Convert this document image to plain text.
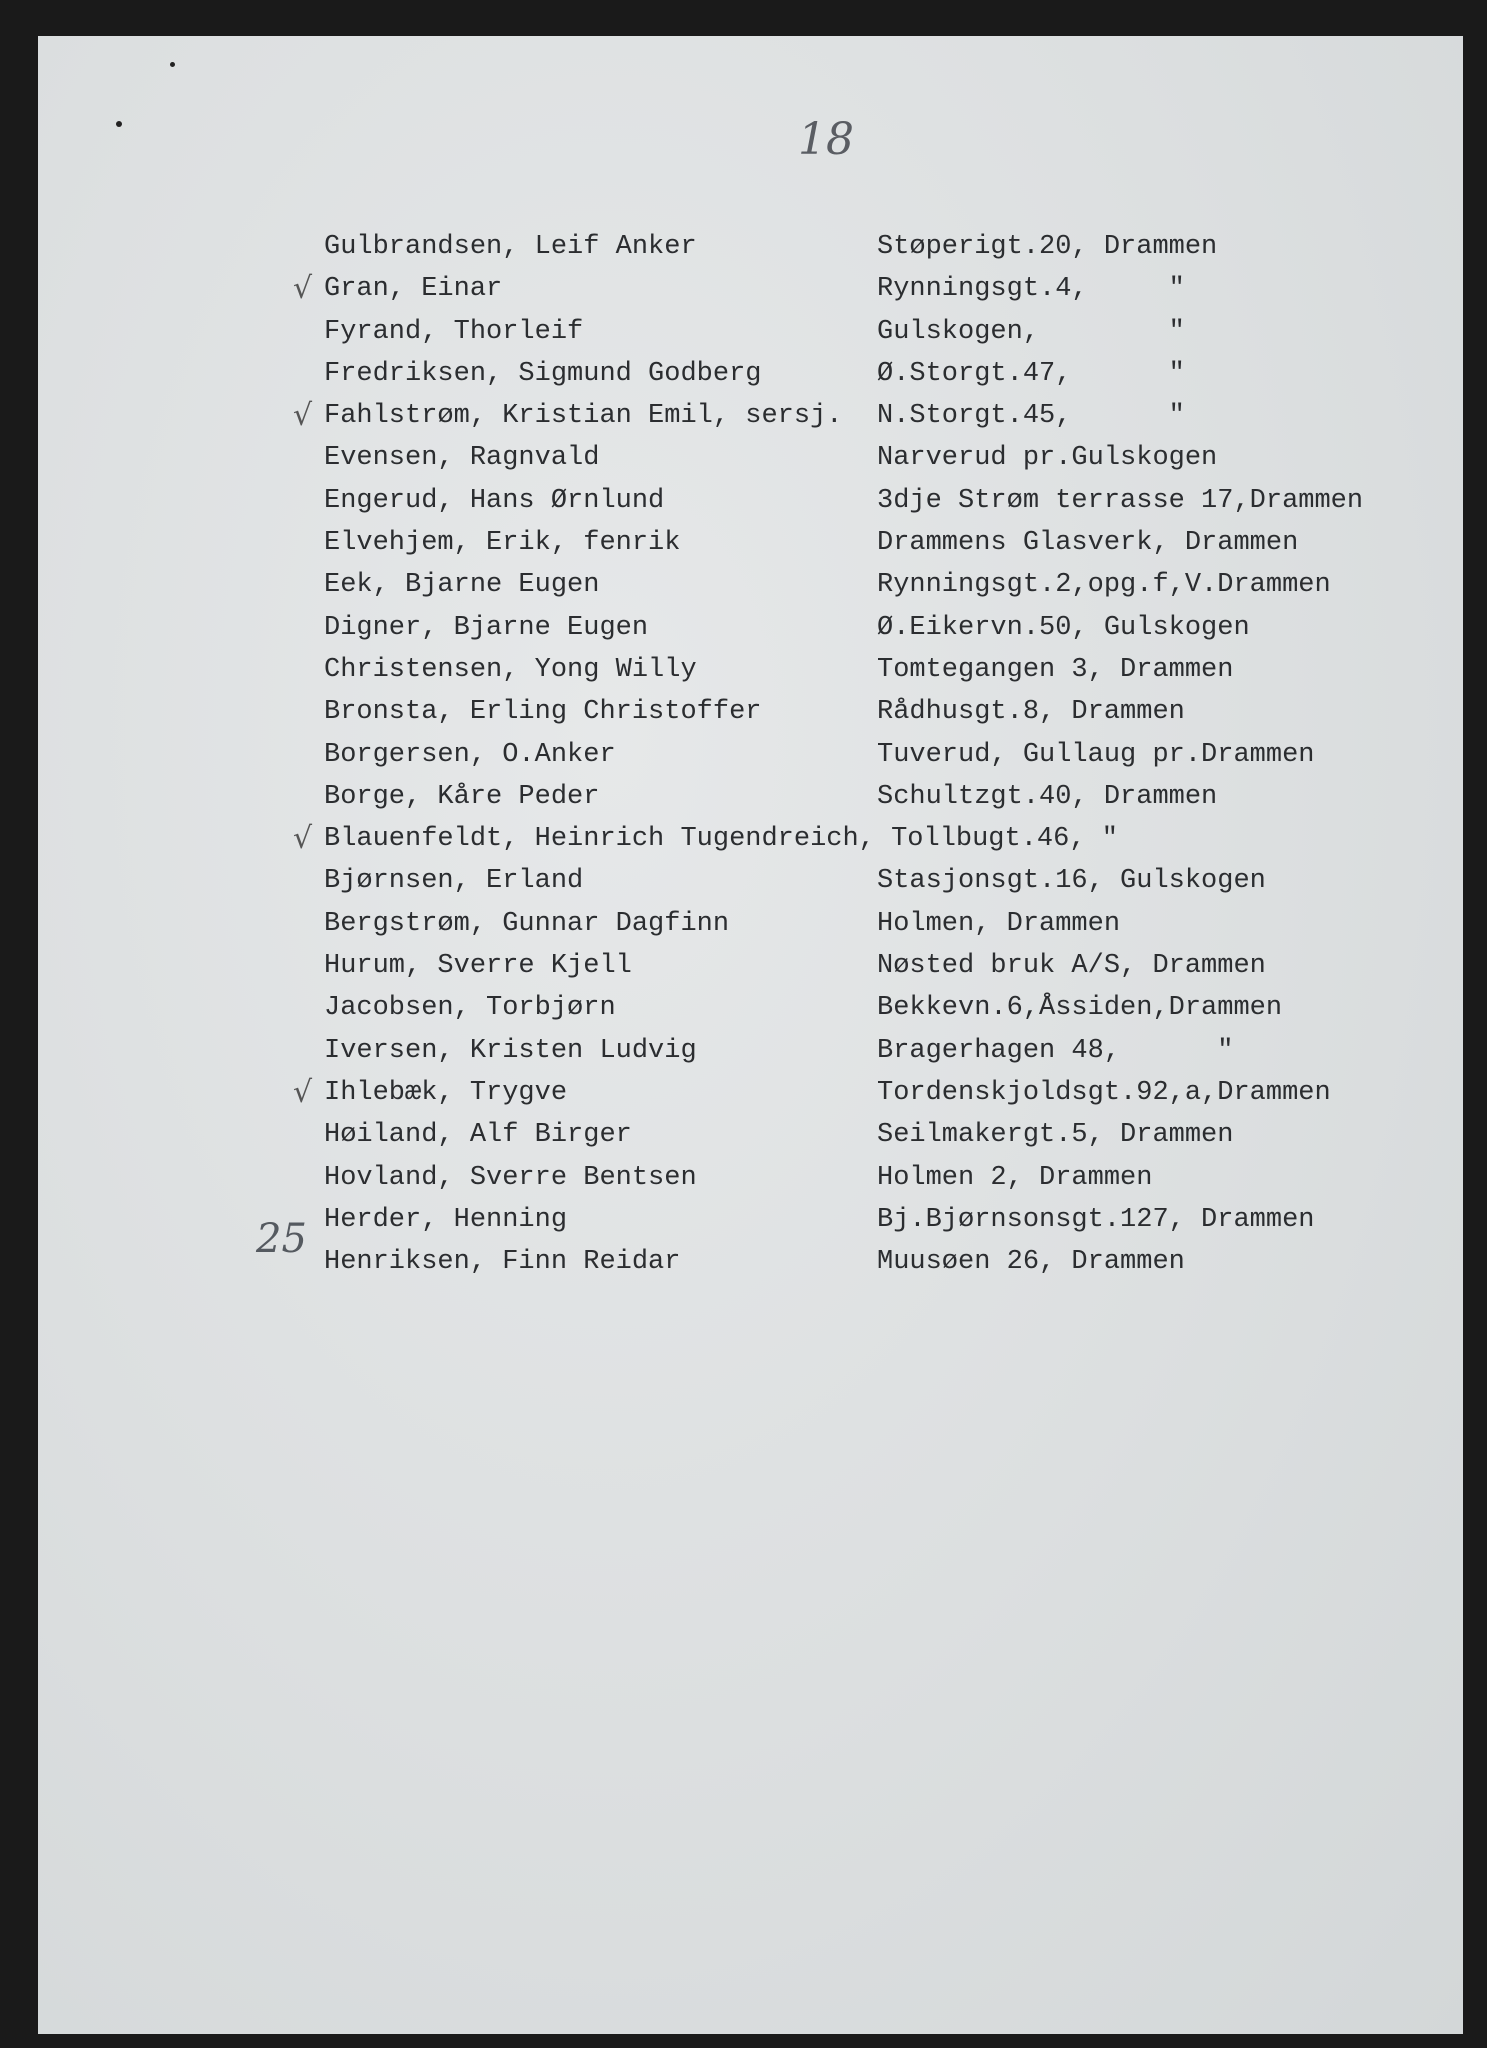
18

Gulbrandsen, Leif Anker

	Støperigt.20, Drammen

√

Gran, Einar

	Rynningsgt.4,     "

Fyrand, Thorleif

	Gulskogen,        "

Fredriksen, Sigmund Godberg

	Ø.Storgt.47,      "

√

Fahlstrøm, Kristian Emil, sersj.

N.Storgt.45,      "

Evensen, Ragnvald

	Narverud pr.Gulskogen

Engerud, Hans Ørnlund

	3dje Strøm terrasse 17,Drammen

Elvehjem, Erik, fenrik

	Drammens Glasverk, Drammen

Eek, Bjarne Eugen

	Rynningsgt.2,opg.f,V.Drammen

Digner, Bjarne Eugen

	Ø.Eikervn.50, Gulskogen

Christensen, Yong Willy

	Tomtegangen 3, Drammen

Bronsta, Erling Christoffer

	Rådhusgt.8, Drammen

Borgersen, O.Anker

	Tuverud, Gullaug pr.Drammen

Borge, Kåre Peder

	Schultzgt.40, Drammen

√

Blauenfeldt, Heinrich Tugendreich, Tollbugt.46, "

Bjørnsen, Erland

	Stasjonsgt.16, Gulskogen

Bergstrøm, Gunnar Dagfinn

	Holmen, Drammen

Hurum, Sverre Kjell

	Nøsted bruk A/S, Drammen

Jacobsen, Torbjørn

	Bekkevn.6,Åssiden,Drammen

Iversen, Kristen Ludvig

	Bragerhagen 48,      "

√

Ihlebæk, Trygve

	Tordenskjoldsgt.92,a,Drammen

Høiland, Alf Birger

	Seilmakergt.5, Drammen

Hovland, Sverre Bentsen

	Holmen 2, Drammen

Herder, Henning

	Bj.Bjørnsonsgt.127, Drammen

Henriksen, Finn Reidar

	Muusøen 26, Drammen

25
